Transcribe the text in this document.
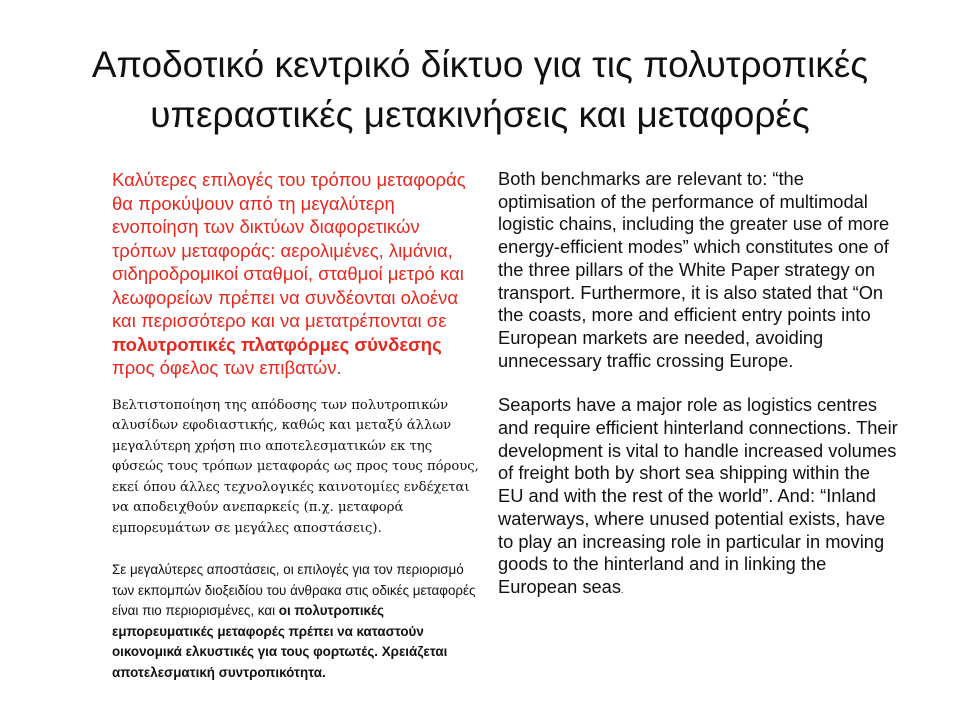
Αποδοτικό κεντρικό δίκτυο για τις πολυτροπικές
υπεραστικές μετακινήσεις και μεταφορές

Καλύτερες επιλογές του τρόπου μεταφοράς θα προκύψουν από τη μεγαλύτερη ενοποίηση των δικτύων διαφορετικών τρόπων μεταφοράς: αερολιμένες, λιμάνια, σιδηροδρομικοί σταθμοί, σταθμοί μετρό και λεωφορείων πρέπει να συνδέονται ολοένα και περισσότερο και να μετατρέπονται σε πολυτροπικές πλατφόρμες σύνδεσης προς όφελος των επιβατών.

Βελτιστοποίηση της απόδοσης των πολυτροπικών αλυσίδων εφοδιαστικής, καθώς και μεταξύ άλλων μεγαλύτερη χρήση πιο αποτελεσματικών εκ της φύσεώς τους τρόπων μεταφοράς ως προς τους πόρους, εκεί όπου άλλες τεχνολογικές καινοτομίες ενδέχεται να αποδειχθούν ανεπαρκείς (π.χ. μεταφορά εμπορευμάτων σε μεγάλες αποστάσεις).

Σε μεγαλύτερες αποστάσεις, οι επιλογές για τον περιορισμό των εκπομπών διοξειδίου του άνθρακα στις οδικές μεταφορές είναι πιο περιορισμένες, και οι πολυτροπικές εμπορευματικές μεταφορές πρέπει να καταστούν οικονομικά ελκυστικές για τους φορτωτές. Χρειάζεται αποτελεσματική συντροπικότητα.

Both benchmarks are relevant to: “the optimisation of the performance of multimodal logistic chains, including the greater use of more energy-efficient modes” which constitutes one of the three pillars of the White Paper strategy on transport. Furthermore, it is also stated that “On the coasts, more and efficient entry points into European markets are needed, avoiding unnecessary traffic crossing Europe.

Seaports have a major role as logistics centres and require efficient hinterland connections. Their development is vital to handle increased volumes of freight both by short sea shipping within the EU and with the rest of the world”. And: “Inland waterways, where unused potential exists, have to play an increasing role in particular in moving goods to the hinterland and in linking the European seas.
